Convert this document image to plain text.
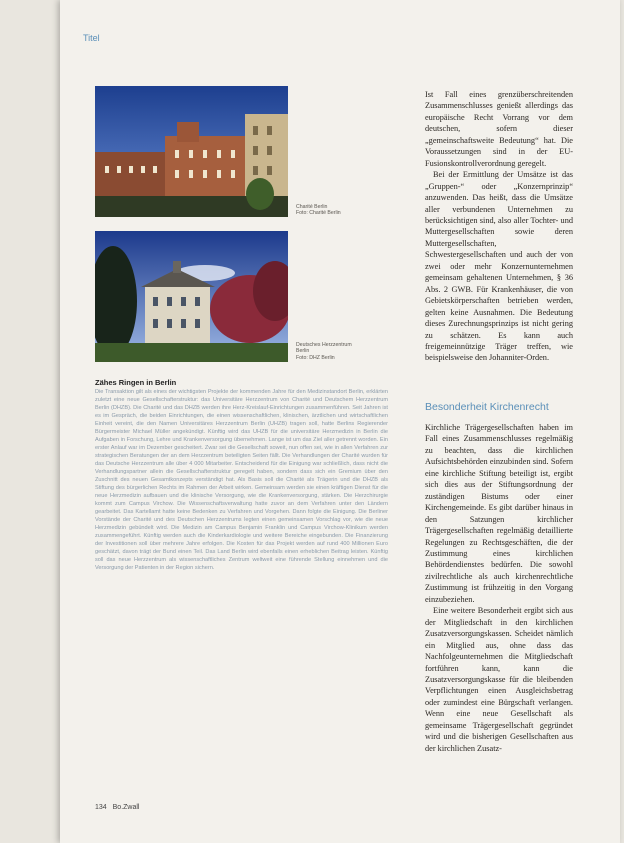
Titel
Charité Berlin
Foto: Charité Berlin
Deutsches Herzzentrum
Berlin
Foto: DHZ Berlin
Zähes Ringen in Berlin

Die Transaktion gilt als eines der wichtigsten Projekte der kommenden Jahre für den Medizinstandort Berlin, erklärten zuletzt eine neue Gesellschafterstruktur: das Universitäre Herzzentrum von Charité und Deutschem Herzzentrum Berlin (DHZB). Die Charité und das DHZB werden ihre Herz-Kreislauf-Einrichtungen zusammenführen. Seit Jahren ist es im Gespräch, die beiden Einrichtungen, die einen wissenschaftlichen, klinischen, ärztlichen und wirtschaftlichen Einheit vereint, die den Namen Universitäres Herzzentrum Berlin (UHZB) tragen soll, hatte Berlins Regierender Bürgermeister Michael Müller angekündigt. Künftig wird das UHZB für die universitäre Herzmedizin in Berlin die Aufgaben in Forschung, Lehre und Krankenversorgung übernehmen. Lange ist um das Ziel aller getrennt worden. Ein erster Anlauf war im Dezember gescheitert. Zwar sei die Gesellschaft soweit, nun offen sei, wie in allen Verfahren zur strategischen Beratungen der an dem Herzzentrum beteiligten Seiten fällt. Die Verhandlungen der Charité wurden für das Deutsche Herzzentrum alle über 4 000 Mitarbeiter. Entscheidend für die Einigung war schließlich, dass nicht die Verhandlungspartner allein die Gesellschafterstruktur geregelt haben, sondern dass sich ein Gremium über den Zuschnitt des neuen Gesamtkonzepts verständigt hat. Als Basis soll die Charité als Trägerin und die DHZB als Stiftung des bürgerlichen Rechts im Rahmen der Arbeit wirken. Gemeinsam werden sie einen kräftigen Dienst für die neue Herzmedizin aufbauen und die klinische Versorgung, wie die Krankenversorgung, stärken. Die Herzchirurgie kommt zum Campus Virchow. Die Wissenschaftsverwaltung hatte zuvor an dem Verfahren unter den Ländern gearbeitet. Das Kartellamt hatte keine Bedenken zu Verfahren und Vorgehen. Dann folgte die Einigung. Die Berliner Vorstände der Charité und des Deutschen Herzzentrums legten einen gemeinsamen Vorschlag vor, wie die neue Herzmedizin gebündelt wird. Die Medizin am Campus Benjamin Franklin und Campus Virchow-Klinikum werden zusammengeführt. Künftig werden auch die Kinderkardiologie und weitere Bereiche eingebunden. Die Finanzierung der Investitionen soll über mehrere Jahre erfolgen. Die Kosten für das Projekt werden auf rund 400 Millionen Euro geschätzt, davon trägt der Bund einen Teil. Das Land Berlin wird ebenfalls einen erheblichen Beitrag leisten. Künftig soll das neue Herzzentrum als wissenschaftliches Zentrum weltweit eine führende Stellung einnehmen und die Versorgung der Patienten in der Region sichern.

Ist Fall eines grenzüberschreitenden Zusammenschlusses genießt allerdings das europäische Recht Vorrang vor dem deutschen, sofern dieser „gemeinschaftsweite Bedeutung“ hat. Die Voraussetzungen sind in der EU-Fusionskontrollverordnung geregelt.

Bei der Ermittlung der Umsätze ist das „Gruppen-“ oder „Konzernprinzip“ anzuwenden. Das heißt, dass die Umsätze aller verbundenen Unternehmen zu berücksichtigen sind, also aller Tochter- und Muttergesellschaften sowie deren Muttergesellschaften, Schwestergesellschaften und auch der von zwei oder mehr Konzernunternehmen gemeinsam gehaltenen Unternehmen, § 36 Abs. 2 GWB. Für Krankenhäuser, die von Gebietskörperschaften betrieben werden, gelten keine Ausnahmen. Die Bedeutung dieses Zurechnungsprinzips ist nicht gering zu schätzen. Es kann auch freigemeinnützige Träger treffen, wie beispielsweise den Johanniter-Orden.

Besonderheit Kirchenrecht

Kirchliche Trägergesellschaften haben im Fall eines Zusammenschlusses regelmäßig zu beachten, dass die kirchlichen Aufsichtsbehörden einzubinden sind. Sofern eine kirchliche Stiftung beteiligt ist, ergibt sich dies aus der Stiftungsordnung der zuständigen Bistums oder einer Kirchengemeinde. Es gibt darüber hinaus in den Satzungen kirchlicher Trägergesellschaften regelmäßig detaillierte Regelungen zu Rechtsgeschäften, die der Zustimmung eines kirchlichen Behördendienstes bedürfen. Die sowohl zivilrechtliche als auch kirchenrechtliche Zustimmung ist frühzeitig in den Vorgang einzubeziehen.

Eine weitere Besonderheit ergibt sich aus der Mitgliedschaft in den kirchlichen Zusatzversorgungskassen. Scheidet nämlich ein Mitglied aus, ohne dass das Nachfolgeunternehmen die Mitgliedschaft fortführen kann, kann die Zusatzversorgungskasse für die bleibenden Verpflichtungen einen Ausgleichsbetrag oder zumindest eine Bürgschaft verlangen. Wenn eine neue Gesellschaft als gemeinsame Trägergesellschaft gegründet wird und die bisherigen Gesellschaften aus der kirchlichen Zusatz-

134 Bo.Zwall
